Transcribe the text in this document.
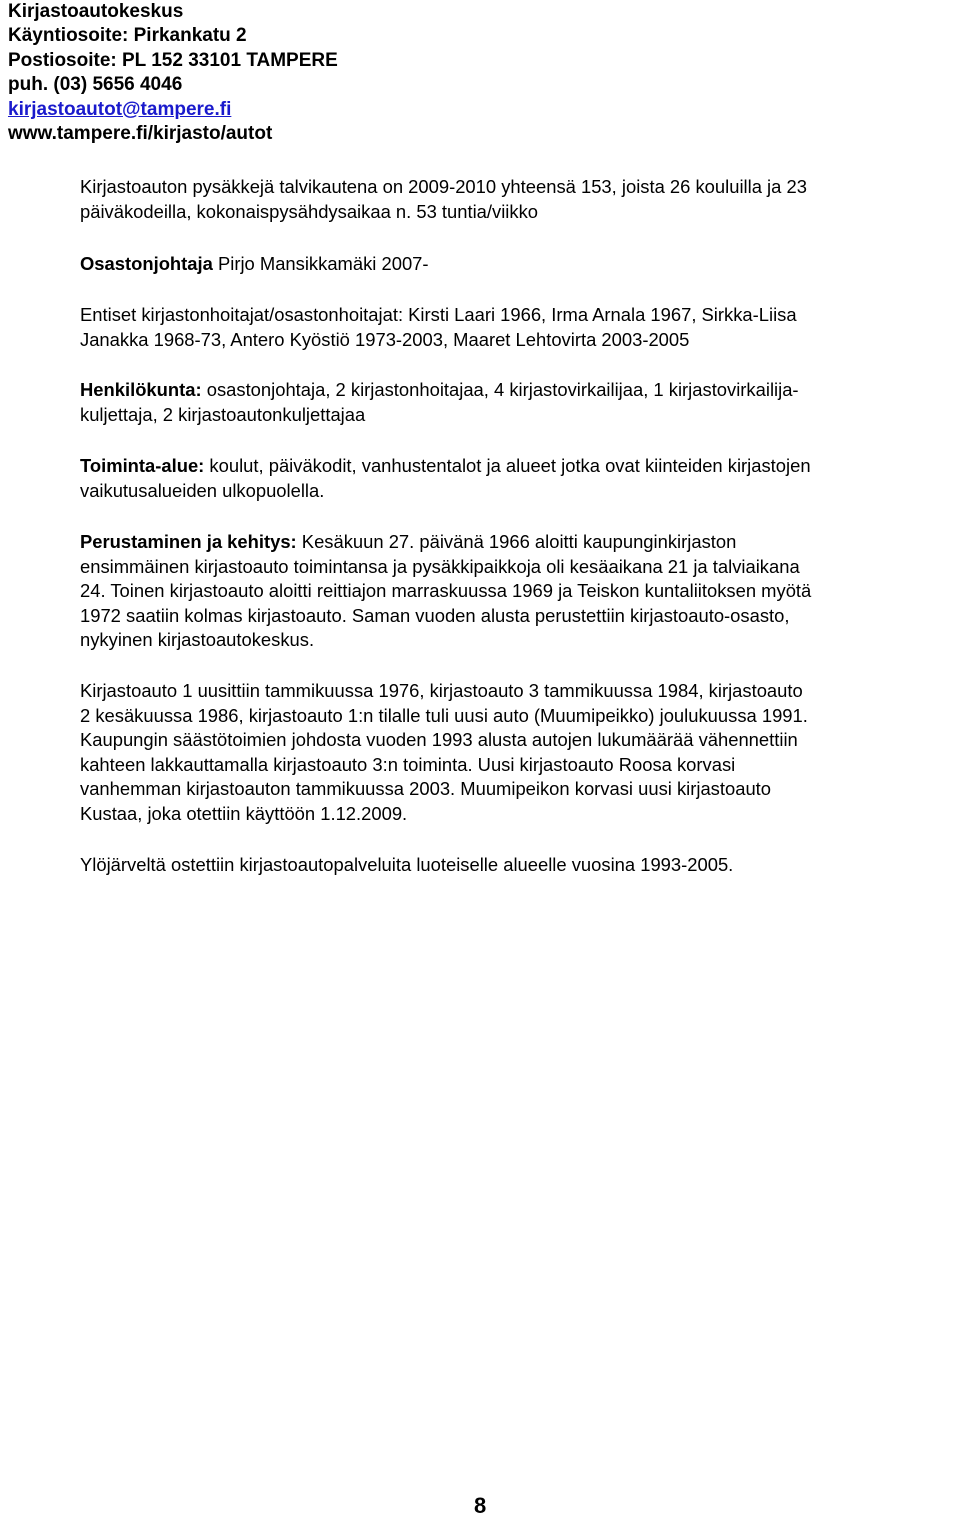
Kirjastoautokeskus
Käyntiosoite: Pirkankatu 2
Postiosoite: PL 152 33101 TAMPERE
puh. (03) 5656 4046
kirjastoautot@tampere.fi
www.tampere.fi/kirjasto/autot

Kirjastoauton pysäkkejä talvikautena on 2009-2010 yhteensä 153, joista 26 kouluilla ja 23

päiväkodeilla, kokonaispysähdysaikaa n. 53 tuntia/viikko

Osastonjohtaja Pirjo Mansikkamäki 2007-

Entiset kirjastonhoitajat/osastonhoitajat: Kirsti Laari 1966, Irma Arnala 1967, Sirkka-Liisa

Janakka 1968-73, Antero Kyöstiö 1973-2003, Maaret Lehtovirta 2003-2005

Henkilökunta: osastonjohtaja, 2 kirjastonhoitajaa, 4 kirjastovirkailijaa, 1 kirjastovirkailija-

kuljettaja, 2 kirjastoautonkuljettajaa

Toiminta-alue: koulut, päiväkodit, vanhustentalot ja alueet jotka ovat kiinteiden kirjastojen

vaikutusalueiden ulkopuolella.

Perustaminen ja kehitys: Kesäkuun 27. päivänä 1966 aloitti kaupunginkirjaston

ensimmäinen kirjastoauto toimintansa ja pysäkkipaikkoja oli kesäaikana 21 ja talviaikana

24. Toinen kirjastoauto aloitti reittiajon marraskuussa 1969 ja Teiskon kuntaliitoksen myötä

1972 saatiin kolmas kirjastoauto. Saman vuoden alusta perustettiin kirjastoauto-osasto,

nykyinen kirjastoautokeskus.

Kirjastoauto 1 uusittiin tammikuussa 1976, kirjastoauto 3 tammikuussa 1984, kirjastoauto

2 kesäkuussa 1986, kirjastoauto 1:n tilalle tuli uusi auto (Muumipeikko) joulukuussa 1991.

Kaupungin säästötoimien johdosta vuoden 1993 alusta autojen lukumäärää vähennettiin

kahteen lakkauttamalla kirjastoauto 3:n toiminta. Uusi kirjastoauto Roosa korvasi

vanhemman kirjastoauton tammikuussa 2003. Muumipeikon korvasi uusi kirjastoauto

Kustaa, joka otettiin käyttöön 1.12.2009.

Ylöjärveltä ostettiin kirjastoautopalveluita luoteiselle alueelle vuosina 1993-2005.

8
